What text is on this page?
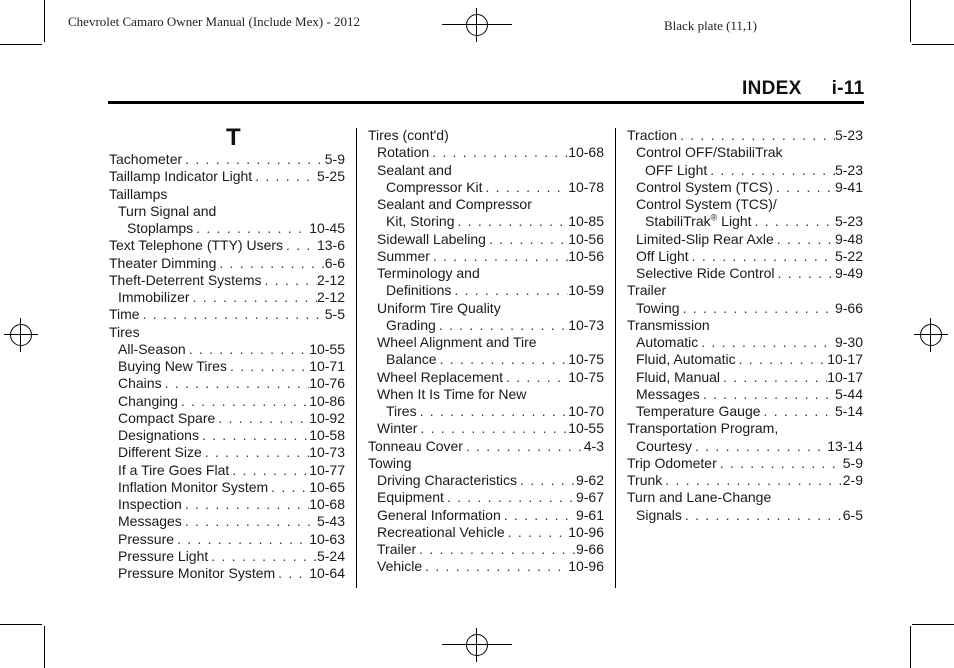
Chevrolet Camaro Owner Manual (Include Mex) - 2012	Black plate (11,1)
INDEX i-11
T
Tachometer . . .	5-9
Taillamp Indicator Light . . .	5-25
Taillamps
Turn Signal and
Stoplamps . . .	10-45
Text Telephone (TTY) Users . . . 13-6
Theater Dimming . . .	6-6
Theft-Deterrent Systems . . .	2-12
Immobilizer . . .	2-12
Time . . .	5-5
Tires
All-Season . . .	10-55
Buying New Tires . . .	10-71
Chains . . .	10-76
Changing . . .	10-86
Compact Spare . . .	10-92
Designations . . .	10-58
Different Size . . .	10-73
If a Tire Goes Flat . . .	10-77
Inflation Monitor System . . .	10-65
Inspection . . .	10-68
Messages . . .	5-43
Pressure . . .	10-63
Pressure Light . . .	5-24
Pressure Monitor System . . . 10-64
Tires (cont'd)
Rotation . . .	10-68
Sealant and
Compressor Kit . . .	10-78
Sealant and Compressor
Kit, Storing . . .	10-85
Sidewall Labeling . . .	10-56
Summer . . .	10-56
Terminology and
Definitions . . .	10-59
Uniform Tire Quality
Grading . . .	10-73
Wheel Alignment and Tire
Balance . . .	10-75
Wheel Replacement . . .	10-75
When It Is Time for New
Tires . . .	10-70
Winter . . .	10-55
Tonneau Cover . . .	4-3
Towing
Driving Characteristics . . .	9-62
Equipment . . .	9-67
General Information . . .	9-61
Recreational Vehicle . . .	10-96
Trailer . . .	9-66
Vehicle . . .	10-96
Traction . . .	5-23
Control OFF/StabiliTrak
OFF Light . . .	5-23
Control System (TCS) . . .	9-41
Control System (TCS)/
StabiliTrak® Light . . .	5-23
Limited-Slip Rear Axle . . .	9-48
Off Light . . .	5-22
Selective Ride Control . . .	9-49
Trailer
Towing . . .	9-66
Transmission
Automatic . . .	9-30
Fluid, Automatic . . .	10-17
Fluid, Manual . . .	10-17
Messages . . .	5-44
Temperature Gauge . . .	5-14
Transportation Program,
Courtesy . . .	13-14
Trip Odometer . . .	5-9
Trunk . . .	2-9
Turn and Lane-Change
Signals . . .	6-5
